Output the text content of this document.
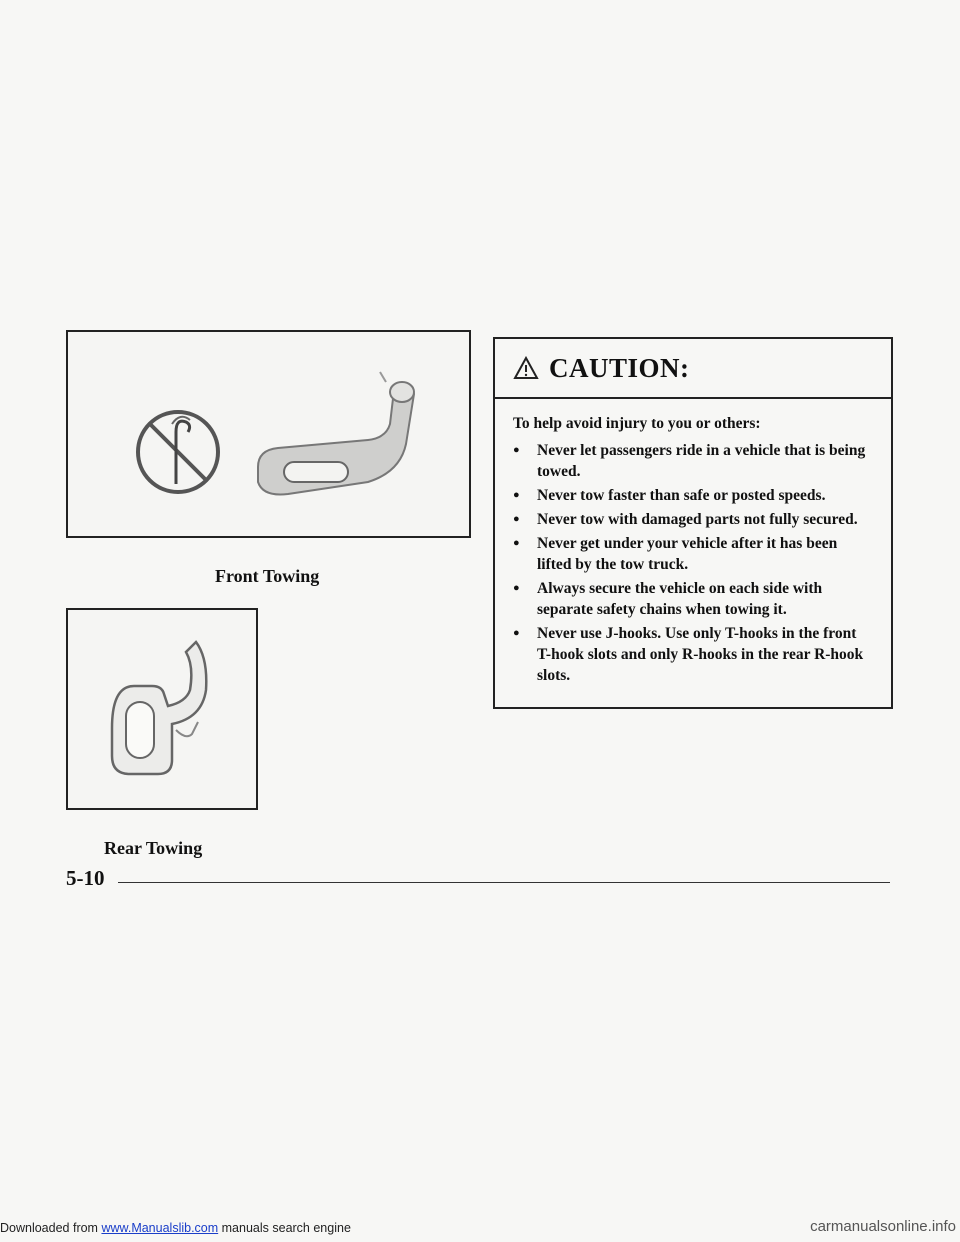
Front Towing
Rear Towing
CAUTION:
To help avoid injury to you or others:
●	Never let passengers ride in a vehicle that is being towed.
●	Never tow faster than safe or posted speeds.
●	Never tow with damaged parts not fully secured.
●	Never get under your vehicle after it has been lifted by the tow truck.
●	Always secure the vehicle on each side with separate safety chains when towing it.
●	Never use J-hooks. Use only T-hooks in the front T-hook slots and only R-hooks in the rear R-hook slots.
5-10
Downloaded from www.Manualslib.com manuals search engine	carmanualsonline.info
